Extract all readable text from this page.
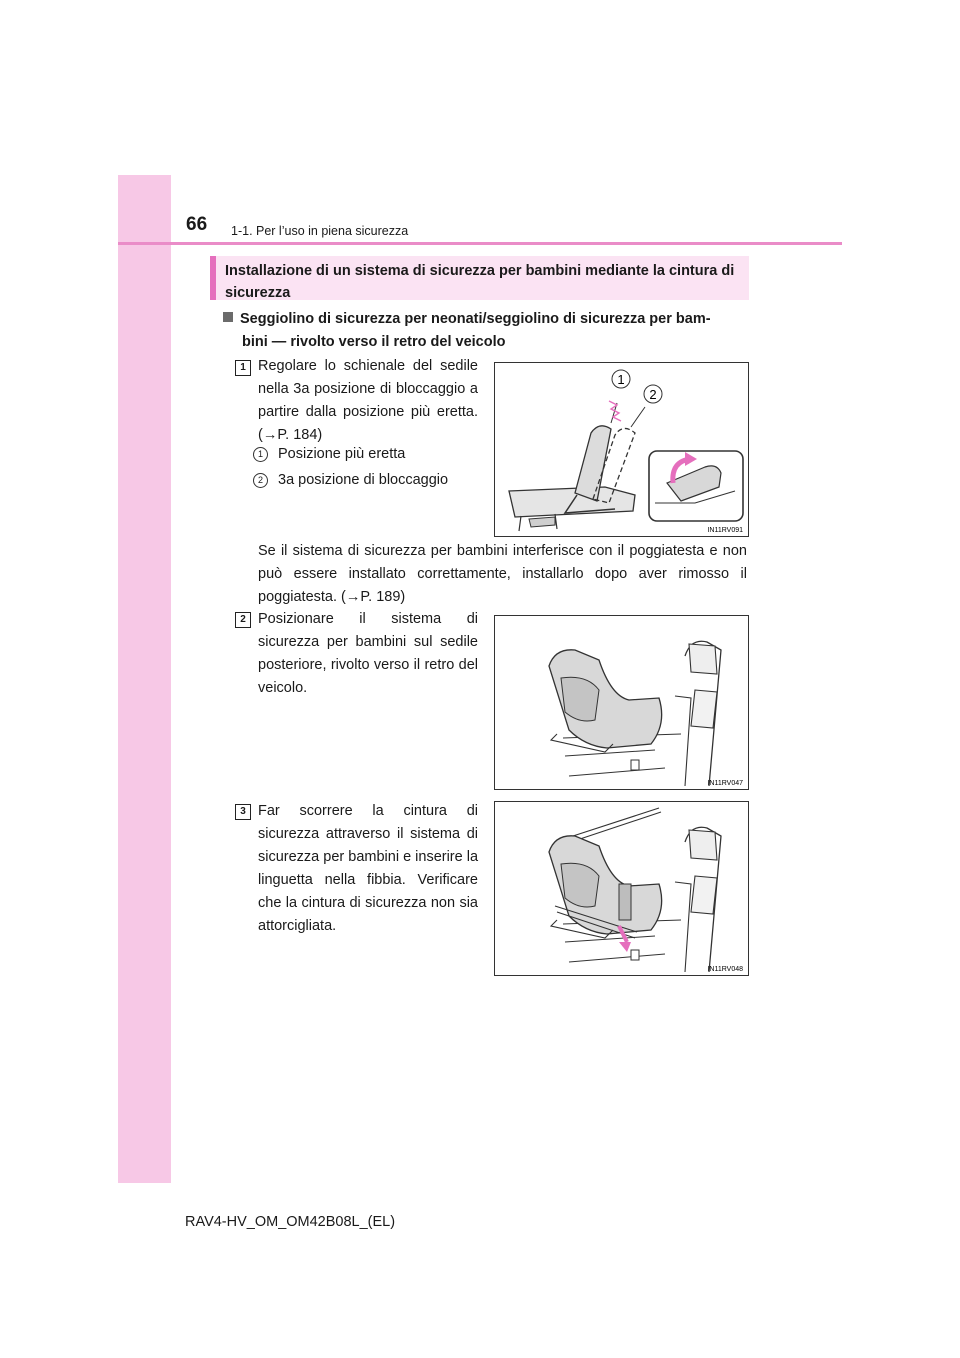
66 1-1. Per l’uso in piena sicurezza
Installazione di un sistema di sicurezza per bambini mediante la cintura di sicurezza
Seggiolino di sicurezza per neonati/seggiolino di sicurezza per bam-
bini — rivolto verso il retro del veicolo
1 Regolare lo schienale del sedile nella 3a posizione di bloccaggio a partire dalla posizione più eretta. (→P. 184)
1 Posizione più eretta
2 3a posizione di bloccaggio
1
2
IN11RV091
Se il sistema di sicurezza per bambini interferisce con il poggiatesta e non può essere installato correttamente, installarlo dopo aver rimosso il poggiatesta. (→P. 189)
2 Posizionare il sistema di sicurezza per bambini sul sedile posteriore, rivolto verso il retro del veicolo.
IN11RV047
3 Far scorrere la cintura di sicurezza attraverso il sistema di sicurezza per bambini e inserire la linguetta nella fibbia. Verificare che la cintura di sicurezza non sia attorcigliata.
IN11RV048
RAV4-HV_OM_OM42B08L_(EL)
